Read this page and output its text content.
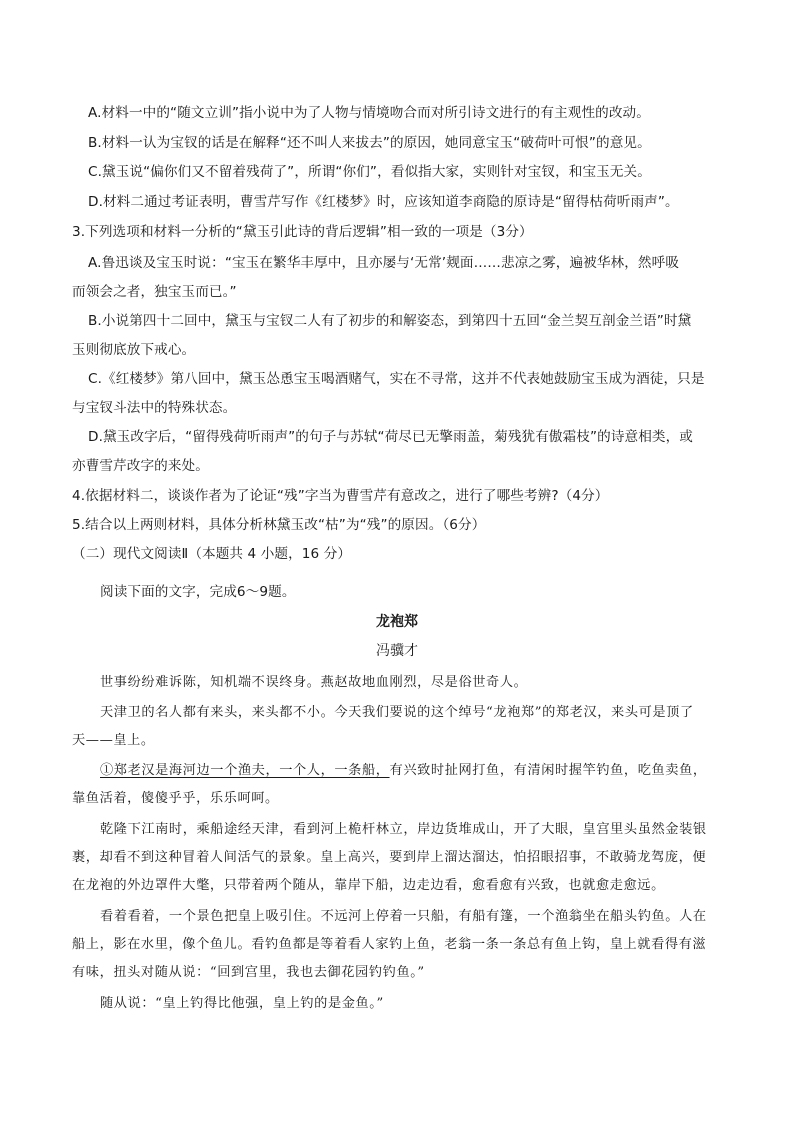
A.材料一中的“随文立训”指小说中为了人物与情境吻合而对所引诗文进行的有主观性的改动。
B.材料一认为宝钗的话是在解释“还不叫人来拔去”的原因，她同意宝玉“破荷叶可恨”的意见。
C.黛玉说“偏你们又不留着残荷了”，所谓“你们”，看似指大家，实则针对宝钗，和宝玉无关。
D.材料二通过考证表明，曹雪芹写作《红楼梦》时，应该知道李商隐的原诗是“留得枯荷听雨声”。
3.下列选项和材料一分析的“黛玉引此诗的背后逻辑”相一致的一项是（3分）
A.鲁迅谈及宝玉时说：“宝玉在繁华丰厚中，且亦屡与‘无常’觌面……悲凉之雾，遍被华林，然呼吸
而领会之者，独宝玉而已。”
B.小说第四十二回中，黛玉与宝钗二人有了初步的和解姿态，到第四十五回“金兰契互剖金兰语”时黛
玉则彻底放下戒心。
C.《红楼梦》第八回中，黛玉怂恿宝玉喝酒赌气，实在不寻常，这并不代表她鼓励宝玉成为酒徒，只是
与宝钗斗法中的特殊状态。
D.黛玉改字后，“留得残荷听雨声”的句子与苏轼“荷尽已无擎雨盖，菊残犹有傲霜枝”的诗意相类，或
亦曹雪芹改字的来处。
4.依据材料二，谈谈作者为了论证“残”字当为曹雪芹有意改之，进行了哪些考辨?（4分）
5.结合以上两则材料，具体分析林黛玉改“枯”为“残”的原因。（6分）
（二）现代文阅读Ⅱ（本题共 4 小题，16 分）
阅读下面的文字，完成6～9题。
龙袍郑
冯骥才
世事纷纷难诉陈，知机端不误终身。燕赵故地血刚烈，尽是俗世奇人。
天津卫的名人都有来头，来头都不小。今天我们要说的这个绰号“龙袍郑”的郑老汉，来头可是顶了
天——皇上。
①郑老汉是海河边一个渔夫，一个人，一条船，有兴致时扯网打鱼，有清闲时握竿钓鱼，吃鱼卖鱼，
靠鱼活着，傻傻乎乎，乐乐呵呵。
乾隆下江南时，乘船途经天津，看到河上桅杆林立，岸边货堆成山，开了大眼，皇宫里头虽然金装银
裹，却看不到这种冒着人间活气的景象。皇上高兴，要到岸上溜达溜达，怕招眼招事，不敢骑龙驾庞，便
在龙袍的外边罩件大氅，只带着两个随从，靠岸下船，边走边看，愈看愈有兴致，也就愈走愈远。
看着看着，一个景色把皇上吸引住。不远河上停着一只船，有船有篷，一个渔翁坐在船头钓鱼。人在
船上，影在水里，像个鱼儿。看钓鱼都是等着看人家钓上鱼，老翁一条一条总有鱼上钩，皇上就看得有滋
有味，扭头对随从说：“回到宫里，我也去御花园钓钓鱼。”
随从说：“皇上钓得比他强，皇上钓的是金鱼。”
